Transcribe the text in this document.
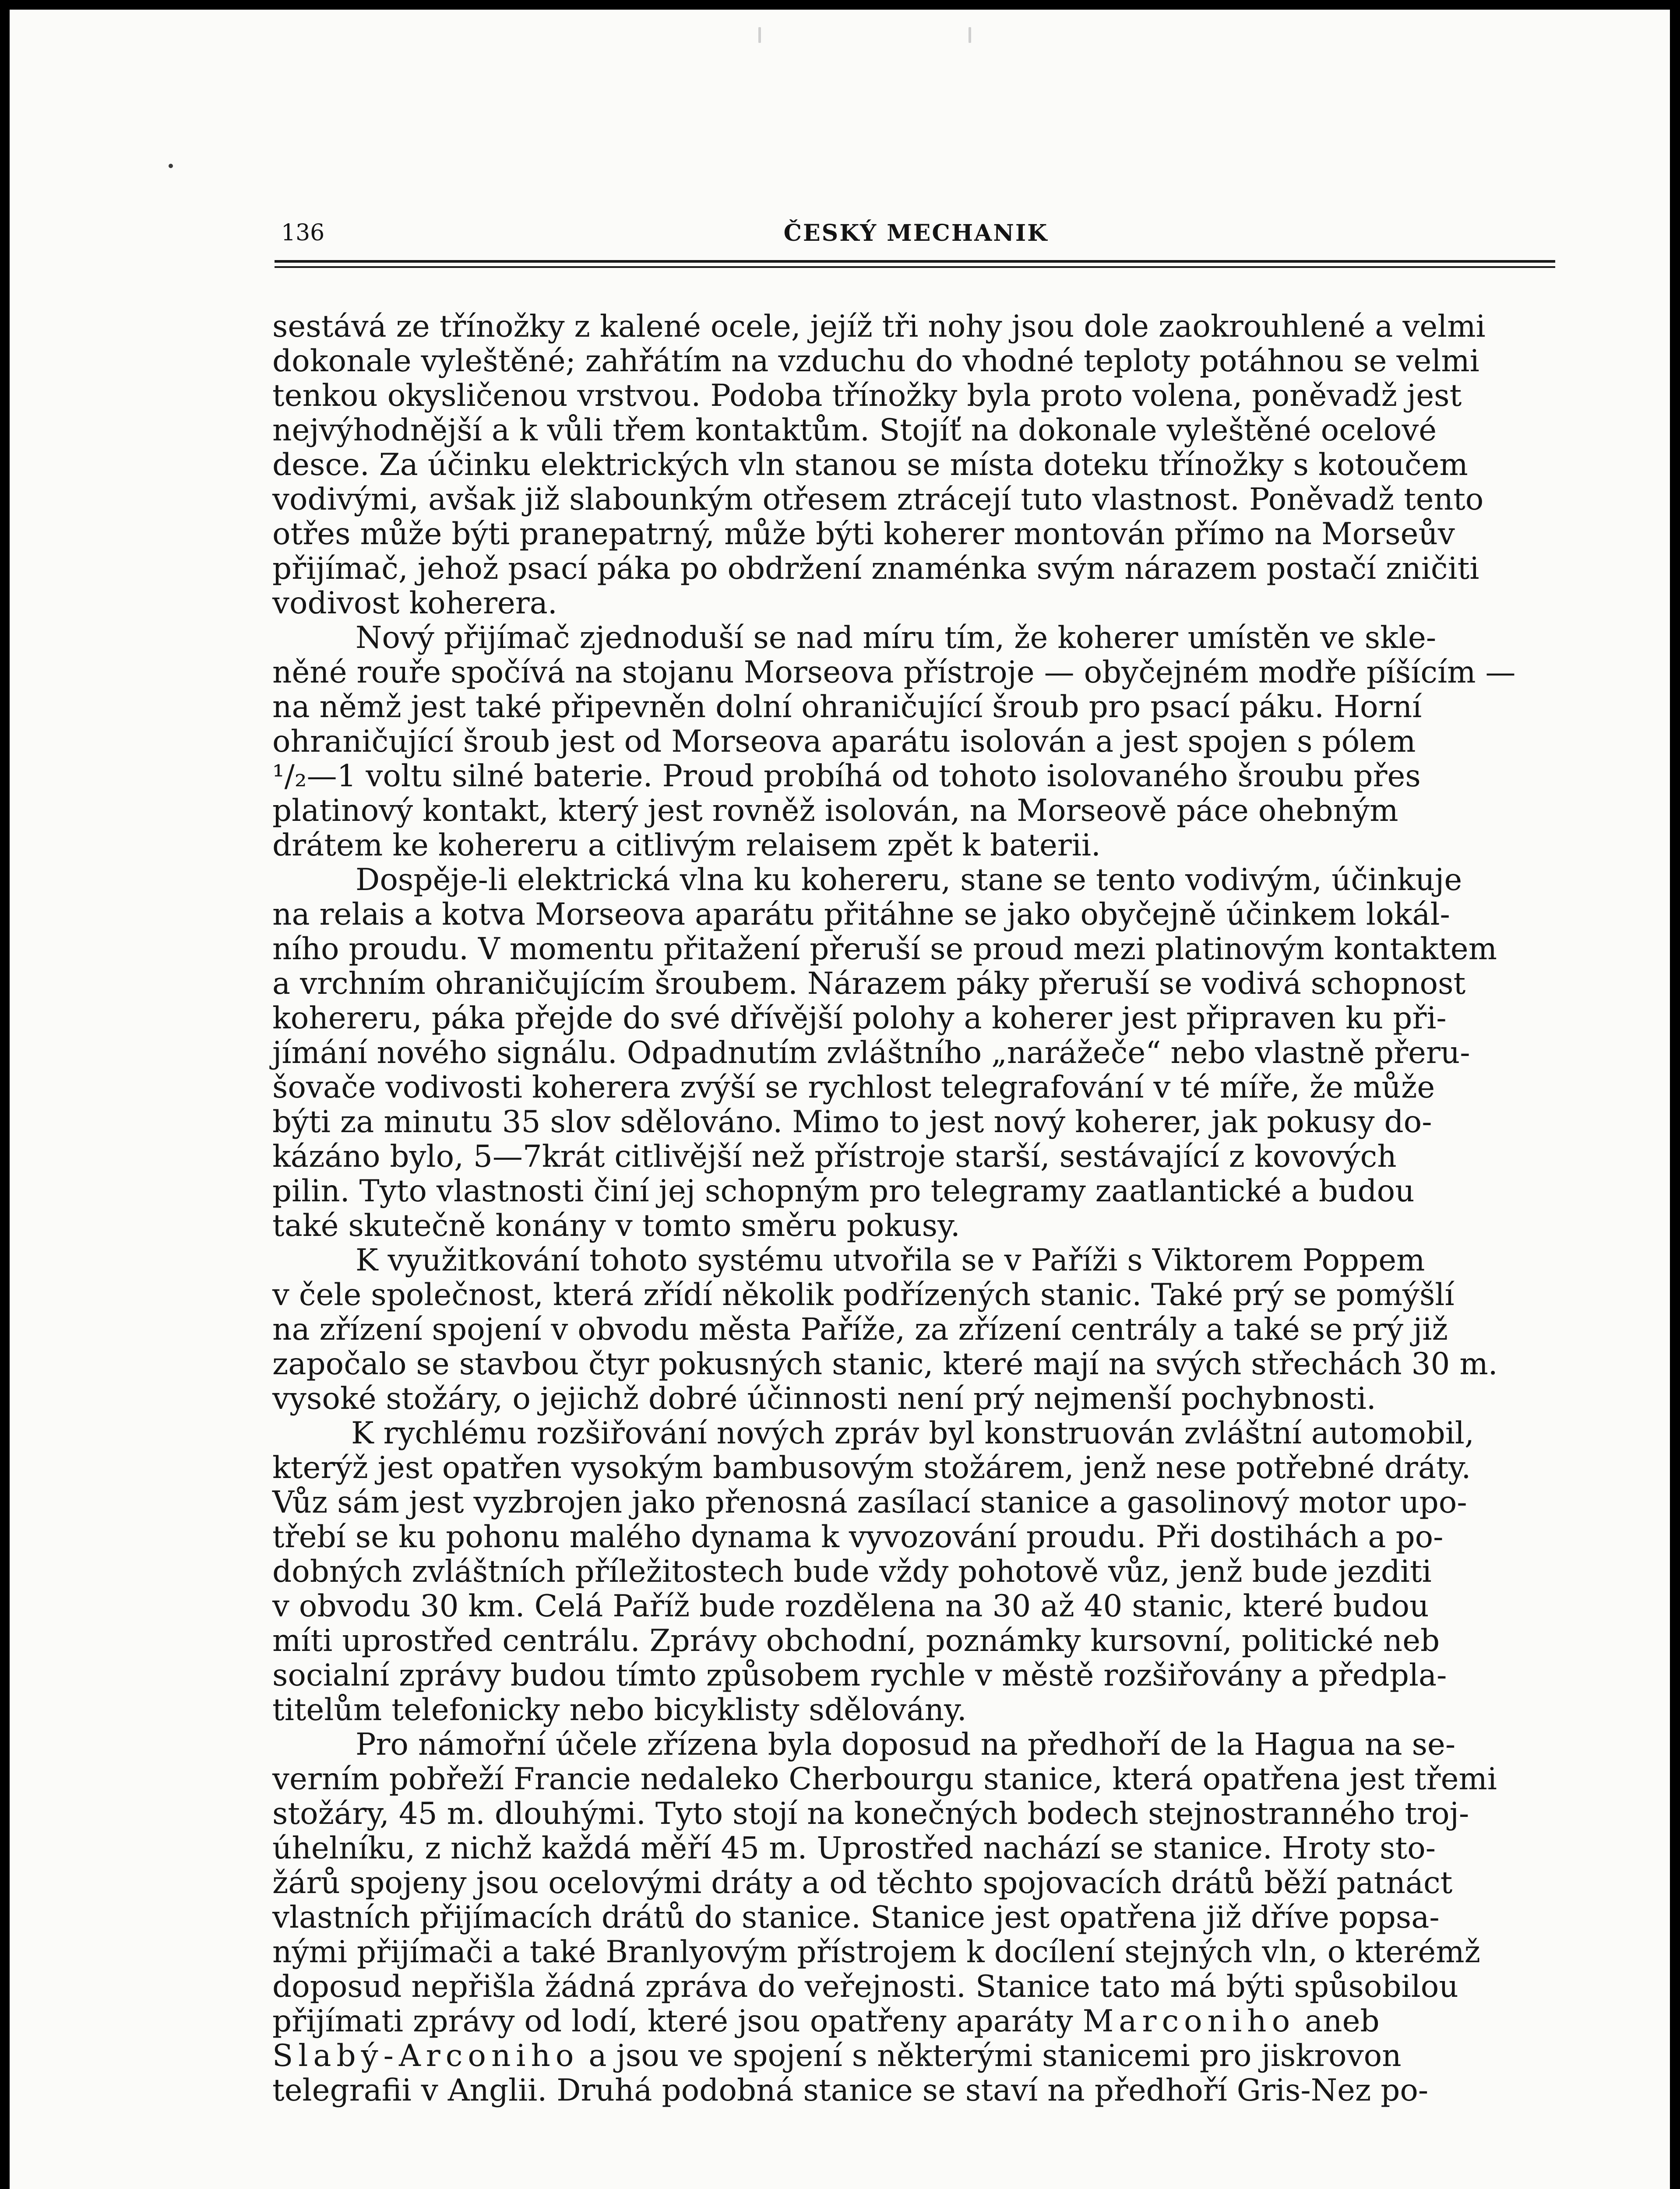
136	ČESKÝ MECHANIK

sestává ze třínožky z kalené ocele, jejíž tři nohy jsou dole zaokrouhlené a velmi
dokonale vyleštěné; zahřátím na vzduchu do vhodné teploty potáhnou se velmi
tenkou okysličenou vrstvou. Podoba třínožky byla proto volena, poněvadž jest
nejvýhodnější a k vůli třem kontaktům. Stojíť na dokonale vyleštěné ocelové
desce. Za účinku elektrických vln stanou se místa doteku třínožky s kotoučem
vodivými, avšak již slabounkým otřesem ztrácejí tuto vlastnost. Poněvadž tento
otřes může býti pranepatrný, může býti koherer montován přímo na Morseův
přijímač, jehož psací páka po obdržení znaménka svým nárazem postačí zničiti
vodivost koherera.

Nový přijímač zjednoduší se nad míru tím, že koherer umístěn ve skle-
něné rouře spočívá na stojanu Morseova přístroje — obyčejném modře píšícím —
na němž jest také připevněn dolní ohraničující šroub pro psací páku. Horní
ohraničující šroub jest od Morseova aparátu isolován a jest spojen s pólem
¹/₂—1 voltu silné baterie. Proud probíhá od tohoto isolovaného šroubu přes
platinový kontakt, který jest rovněž isolován, na Morseově páce ohebným
drátem ke kohereru a citlivým relaisem zpět k baterii.

Dospěje-li elektrická vlna ku kohereru, stane se tento vodivým, účinkuje
na relais a kotva Morseova aparátu přitáhne se jako obyčejně účinkem lokál-
ního proudu. V momentu přitažení přeruší se proud mezi platinovým kontaktem
a vrchním ohraničujícím šroubem. Nárazem páky přeruší se vodivá schopnost
kohereru, páka přejde do své dřívější polohy a koherer jest připraven ku při-
jímání nového signálu. Odpadnutím zvláštního „narážeče“ nebo vlastně přeru-
šovače vodivosti koherera zvýší se rychlost telegrafování v té míře, že může
býti za minutu 35 slov sdělováno. Mimo to jest nový koherer, jak pokusy do-
kázáno bylo, 5—7krát citlivější než přístroje starší, sestávající z kovových
pilin. Tyto vlastnosti činí jej schopným pro telegramy zaatlantické a budou
také skutečně konány v tomto směru pokusy.

K využitkování tohoto systému utvořila se v Paříži s Viktorem Poppem
v čele společnost, která zřídí několik podřízených stanic. Také prý se pomýšlí
na zřízení spojení v obvodu města Paříže, za zřízení centrály a také se prý již
započalo se stavbou čtyr pokusných stanic, které mají na svých střechách 30 m.
vysoké stožáry, o jejichž dobré účinnosti není prý nejmenší pochybnosti.

K rychlému rozšiřování nových zpráv byl konstruován zvláštní automobil,
kterýž jest opatřen vysokým bambusovým stožárem, jenž nese potřebné dráty.
Vůz sám jest vyzbrojen jako přenosná zasílací stanice a gasolinový motor upo-
třebí se ku pohonu malého dynama k vyvozování proudu. Při dostihách a po-
dobných zvláštních příležitostech bude vždy pohotově vůz, jenž bude jezditi
v obvodu 30 km. Celá Paříž bude rozdělena na 30 až 40 stanic, které budou
míti uprostřed centrálu. Zprávy obchodní, poznámky kursovní, politické neb
socialní zprávy budou tímto způsobem rychle v městě rozšiřovány a předpla-
titelům telefonicky nebo bicyklisty sdělovány.

Pro námořní účele zřízena byla doposud na předhoří de la Hagua na se-
verním pobřeží Francie nedaleko Cherbourgu stanice, která opatřena jest třemi
stožáry, 45 m. dlouhými. Tyto stojí na konečných bodech stejnostranného troj-
úhelníku, z nichž každá měří 45 m. Uprostřed nachází se stanice. Hroty sto-
žárů spojeny jsou ocelovými dráty a od těchto spojovacích drátů běží patnáct
vlastních přijímacích drátů do stanice. Stanice jest opatřena již dříve popsa-
nými přijímači a také Branlyovým přístrojem k docílení stejných vln, o kterémž
doposud nepřišla žádná zpráva do veřejnosti. Stanice tato má býti spůsobilou
přijímati zprávy od lodí, které jsou opatřeny aparáty Marconiho aneb
Slabý-Arconiho a jsou ve spojení s některými stanicemi pro jiskrovon
telegrafii v Anglii. Druhá podobná stanice se staví na předhoří Gris-Nez po-
